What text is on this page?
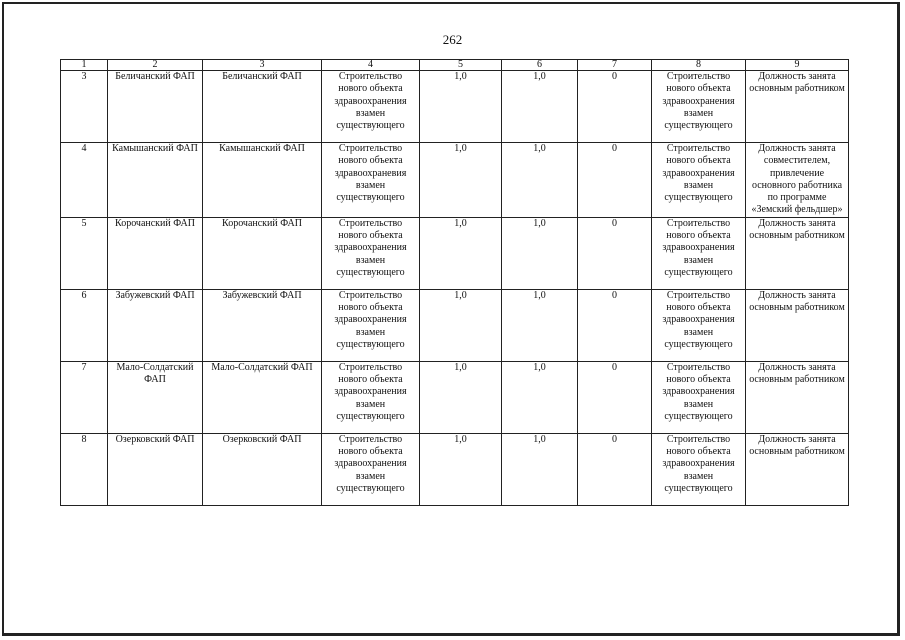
262
1	2	3	4	5	6	7	8	9
3	Беличанский ФАП	Беличанский ФАП	Строительство нового объекта здравоохранения взамен существующего	1,0	1,0	0	Строительство нового объекта здравоохранения взамен существующего	Должность занята основным работником
4	Камышанский ФАП	Камышанский ФАП	Строительство нового объекта здравоохраневия взамен существующего	1,0	1,0	0	Строительство нового объекта здравоохранения взамен существующего	Должность занята совместителем, привлечение основного работника по программе «Земский фельдшер»
5	Корочанский ФАП	Корочанский ФАП	Строительство нового объекта здравоохранения взамен существующего	1,0	1,0	0	Строительство нового объекта здравоохранения взамен существующего	Должность занята основным работником
6	Забужевский ФАП	Забужевский ФАП	Строительство нового объекта здравоохранения взамен существующего	1,0	1,0	0	Строительство нового объекта здравоохранения взамен существующего	Должность занята основным работником
7	Мало-Солдатский ФАП	Мало-Солдатский ФАП	Строительство нового объекта здравоохранения взамен существующего	1,0	1,0	0	Строительство нового объекта здравоохранения взамен существующего	Должность занята основным работником
8	Озерковский ФАП	Озерковский ФАП	Строительство нового объекта здравоохранения взамен существующего	1,0	1,0	0	Строительство нового объекта здравоохранения взамен существующего	Должность занята основным работником
